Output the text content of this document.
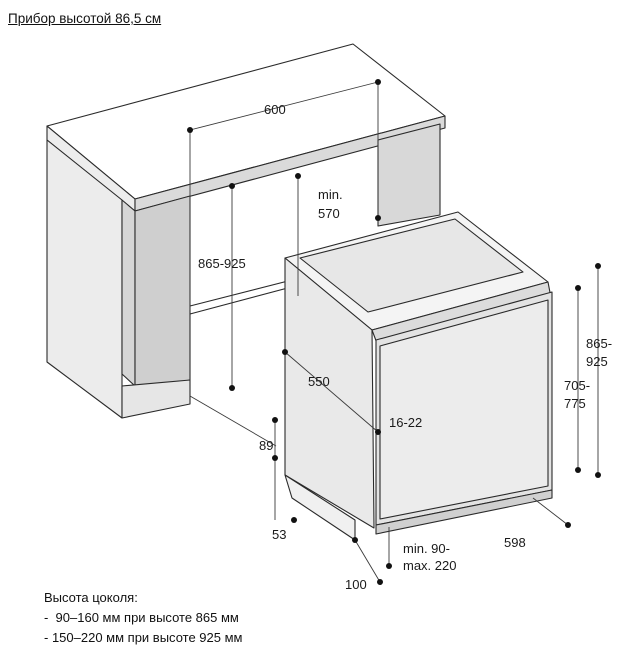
Прибор высотой 86,5 см
600
min.
570
865-925
550
16-22
89
53
865-
925
705-
775
598
min. 90-
max. 220
100
Высота цоколя:
-  90–160 мм при высоте 865 мм
- 150–220 мм при высоте 925 мм
